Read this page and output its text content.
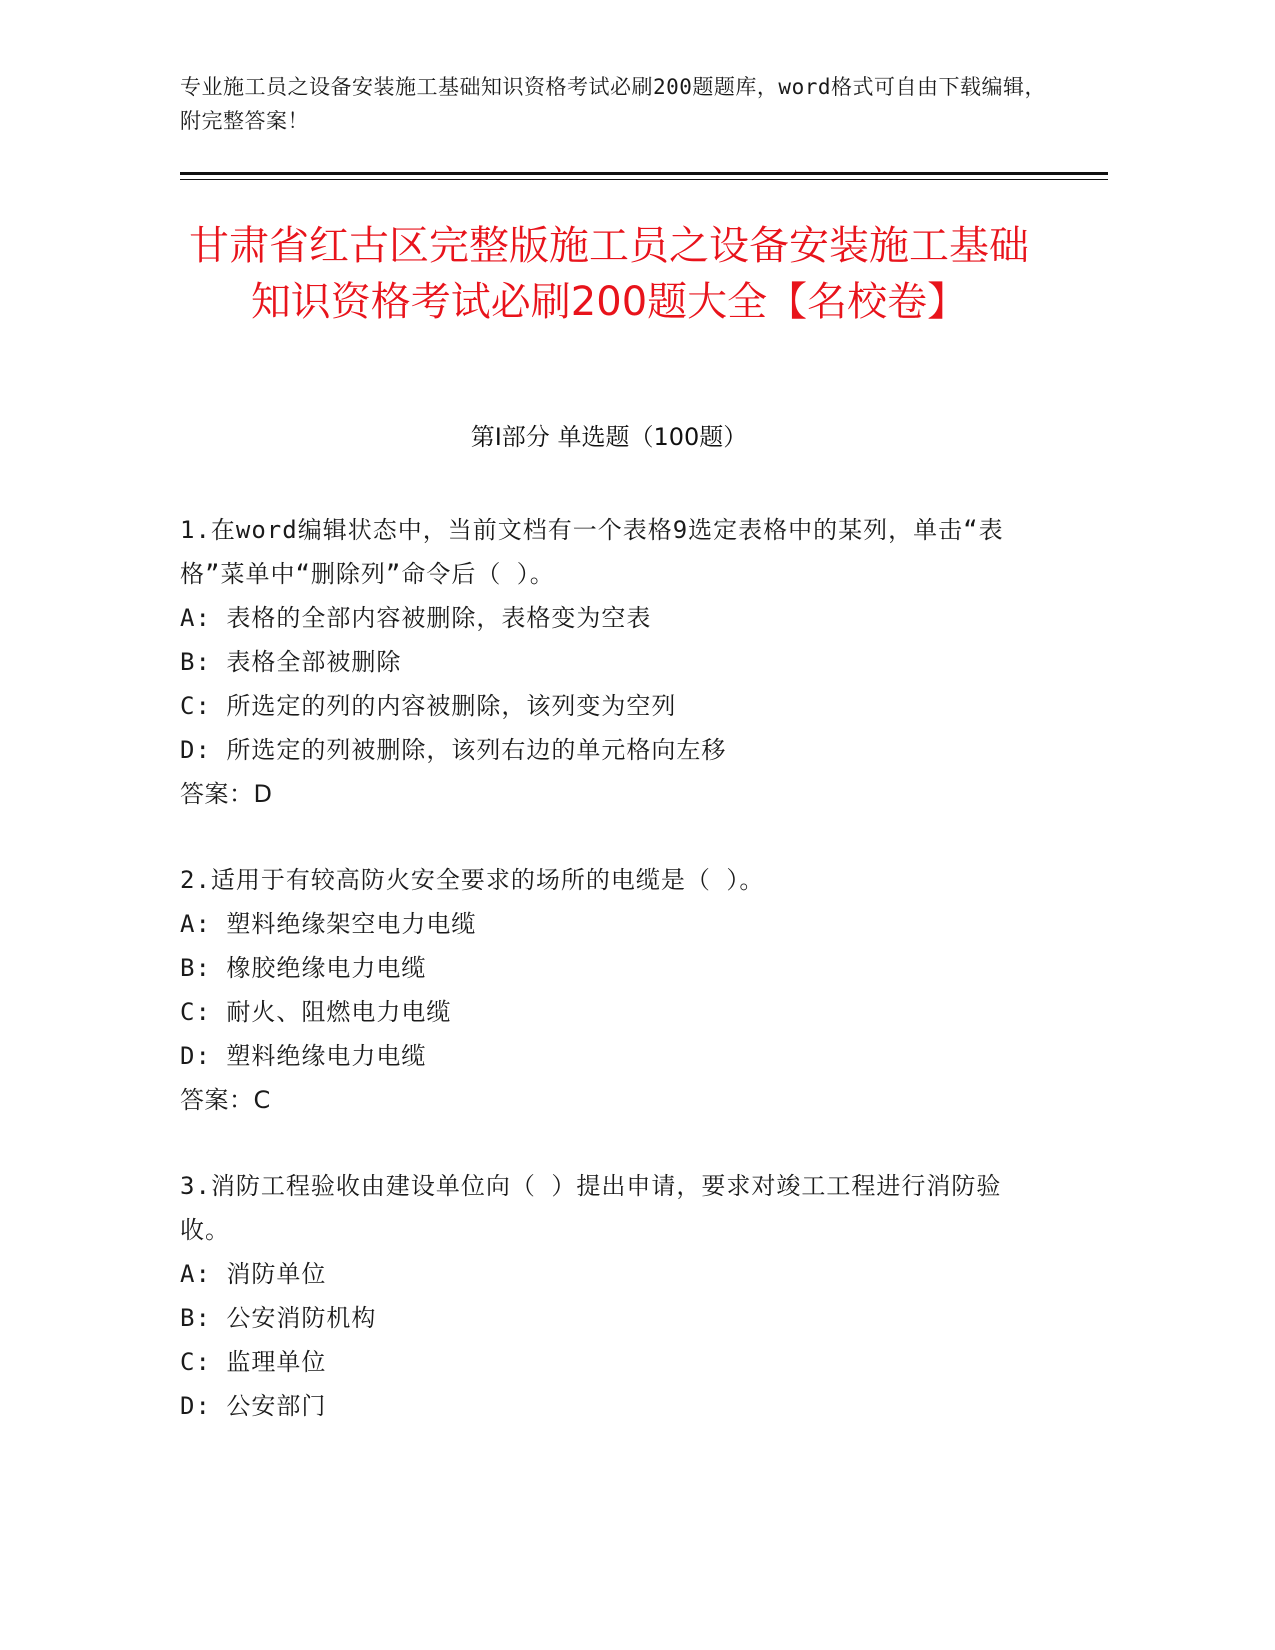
专业施工员之设备安装施工基础知识资格考试必刷200题题库，word格式可自由下载编辑，附完整答案！
甘肃省红古区完整版施工员之设备安装施工基础知识资格考试必刷200题大全【名校卷】
第I部分 单选题（100题）

1.在word编辑状态中，当前文档有一个表格9选定表格中的某列，单击“表格”菜单中“删除列”命令后（ ）。

A: 表格的全部内容被删除，表格变为空表

B: 表格全部被删除

C: 所选定的列的内容被删除，该列变为空列

D: 所选定的列被删除，该列右边的单元格向左移

答案：D

2.适用于有较高防火安全要求的场所的电缆是（ ）。

A: 塑料绝缘架空电力电缆

B: 橡胶绝缘电力电缆

C: 耐火、阻燃电力电缆

D: 塑料绝缘电力电缆

答案：C

3.消防工程验收由建设单位向（ ）提出申请，要求对竣工工程进行消防验收。

A: 消防单位

B: 公安消防机构

C: 监理单位

D: 公安部门
